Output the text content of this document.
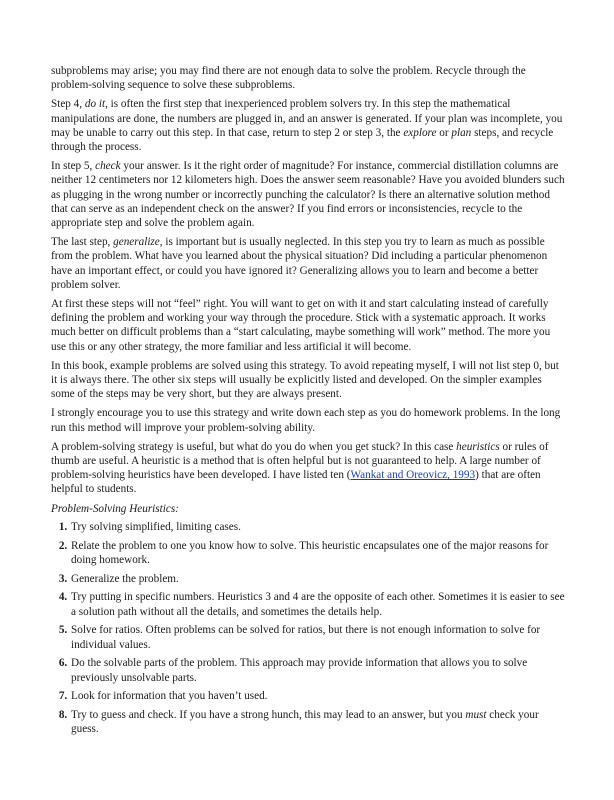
subproblems may arise; you may find there are not enough data to solve the problem. Recycle through the problem-solving sequence to solve these subproblems.

Step 4, do it, is often the first step that inexperienced problem solvers try. In this step the mathematical manipulations are done, the numbers are plugged in, and an answer is generated. If your plan was incomplete, you may be unable to carry out this step. In that case, return to step 2 or step 3, the explore or plan steps, and recycle through the process.

In step 5, check your answer. Is it the right order of magnitude? For instance, commercial distillation columns are neither 12 centimeters nor 12 kilometers high. Does the answer seem reasonable? Have you avoided blunders such as plugging in the wrong number or incorrectly punching the calculator? Is there an alternative solution method that can serve as an independent check on the answer? If you find errors or inconsistencies, recycle to the appropriate step and solve the problem again.

The last step, generalize, is important but is usually neglected. In this step you try to learn as much as possible from the problem. What have you learned about the physical situation? Did including a particular phenomenon have an important effect, or could you have ignored it? Generalizing allows you to learn and become a better problem solver.

At first these steps will not “feel” right. You will want to get on with it and start calculating instead of carefully defining the problem and working your way through the procedure. Stick with a systematic approach. It works much better on difficult problems than a “start calculating, maybe something will work” method. The more you use this or any other strategy, the more familiar and less artificial it will become.

In this book, example problems are solved using this strategy. To avoid repeating myself, I will not list step 0, but it is always there. The other six steps will usually be explicitly listed and developed. On the simpler examples some of the steps may be very short, but they are always present.

I strongly encourage you to use this strategy and write down each step as you do homework problems. In the long run this method will improve your problem-solving ability.

A problem-solving strategy is useful, but what do you do when you get stuck? In this case heuristics or rules of thumb are useful. A heuristic is a method that is often helpful but is not guaranteed to help. A large number of problem-solving heuristics have been developed. I have listed ten (Wankat and Oreovicz, 1993) that are often helpful to students.

Problem-Solving Heuristics:

1. Try solving simplified, limiting cases.
2. Relate the problem to one you know how to solve. This heuristic encapsulates one of the major reasons for doing homework.
3. Generalize the problem.
4. Try putting in specific numbers. Heuristics 3 and 4 are the opposite of each other. Sometimes it is easier to see a solution path without all the details, and sometimes the details help.
5. Solve for ratios. Often problems can be solved for ratios, but there is not enough information to solve for individual values.
6. Do the solvable parts of the problem. This approach may provide information that allows you to solve previously unsolvable parts.
7. Look for information that you haven’t used.
8. Try to guess and check. If you have a strong hunch, this may lead to an answer, but you must check your guess.
